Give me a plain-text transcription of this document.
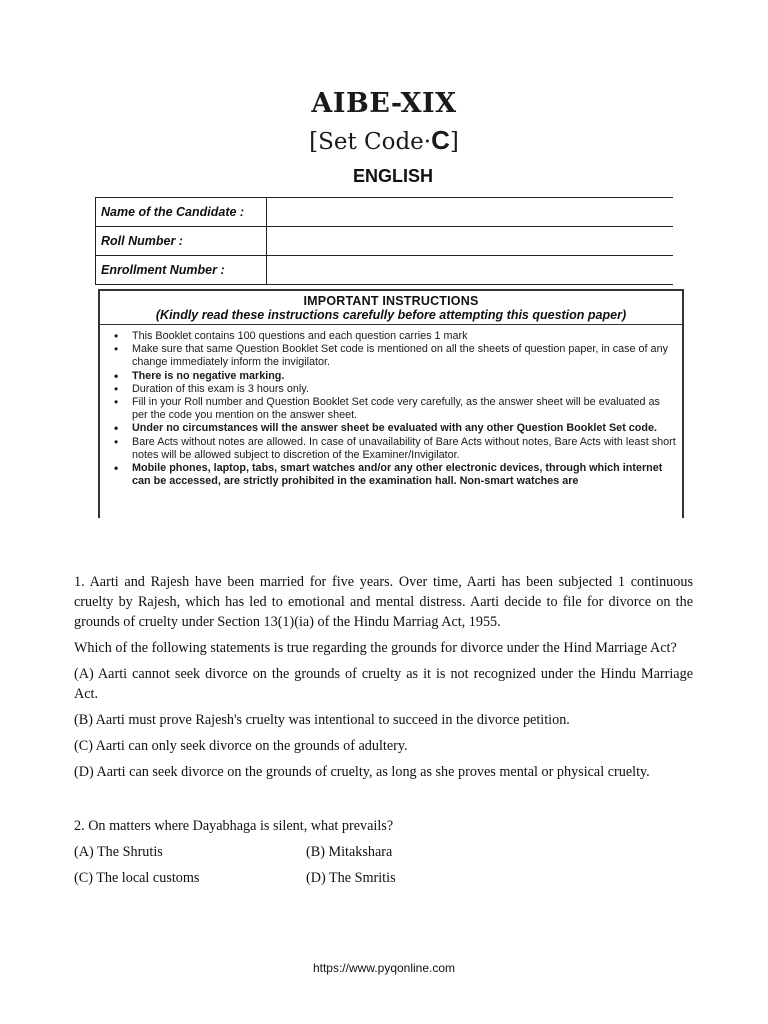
AIBE-XIX
[Set Code·C]
ENGLISH
Name of the Candidate :	
Roll Number :	
Enrollment Number :	
IMPORTANT INSTRUCTIONS
(Kindly read these instructions carefully before attempting this question paper)
• This Booklet contains 100 questions and each question carries 1 mark
• Make sure that same Question Booklet Set code is mentioned on all the sheets of question paper, in case of any change immediately inform the invigilator.
• There is no negative marking.
• Duration of this exam is 3 hours only.
• Fill in your Roll number and Question Booklet Set code very carefully, as the answer sheet will be evaluated as per the code you mention on the answer sheet.
• Under no circumstances will the answer sheet be evaluated with any other Question Booklet Set code.
• Bare Acts without notes are allowed. In case of unavailability of Bare Acts without notes, Bare Acts with least short notes will be allowed subject to discretion of the Examiner/Invigilator.
• Mobile phones, laptop, tabs, smart watches and/or any other electronic devices, through which internet can be accessed, are strictly prohibited in the examination hall. Non-smart watches are

1. Aarti and Rajesh have been married for five years. Over time, Aarti has been subjected 1 continuous cruelty by Rajesh, which has led to emotional and mental distress. Aarti decide to file for divorce on the grounds of cruelty under Section 13(1)(ia) of the Hindu Marriag Act, 1955.

Which of the following statements is true regarding the grounds for divorce under the Hind Marriage Act?

(A) Aarti cannot seek divorce on the grounds of cruelty as it is not recognized under the Hindu Marriage Act.

(B) Aarti must prove Rajesh's cruelty was intentional to succeed in the divorce petition.

(C) Aarti can only seek divorce on the grounds of adultery.

(D) Aarti can seek divorce on the grounds of cruelty, as long as she proves mental or physical cruelty.

2. On matters where Dayabhaga is silent, what prevails?

(A) The Shrutis	(B) Mitakshara
(C) The local customs	(D) The Smritis
https://www.pyqonline.com
